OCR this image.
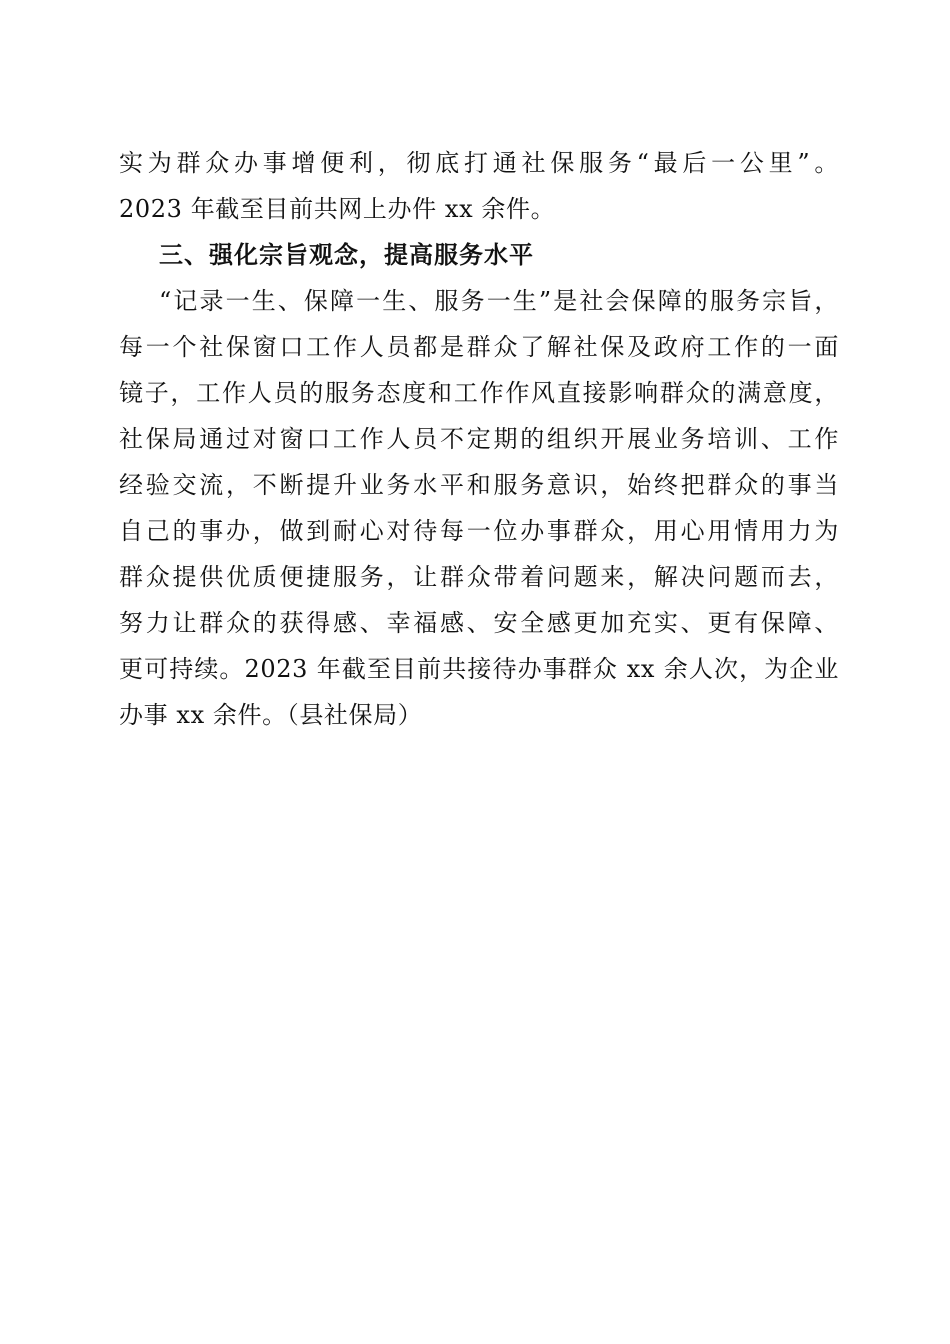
实为群众办事增便利，彻底打通社保服务“最后一公里”。
2023 年截至目前共网上办件 xx 余件。
三、强化宗旨观念，提高服务水平
“记录一生、保障一生、服务一生”是社会保障的服务宗旨，
每一个社保窗口工作人员都是群众了解社保及政府工作的一面
镜子，工作人员的服务态度和工作作风直接影响群众的满意度，
社保局通过对窗口工作人员不定期的组织开展业务培训、工作
经验交流，不断提升业务水平和服务意识，始终把群众的事当
自己的事办，做到耐心对待每一位办事群众，用心用情用力为
群众提供优质便捷服务，让群众带着问题来，解决问题而去，
努力让群众的获得感、幸福感、安全感更加充实、更有保障、
更可持续。2023 年截至目前共接待办事群众 xx 余人次，为企业
办事 xx 余件。（县社保局）
